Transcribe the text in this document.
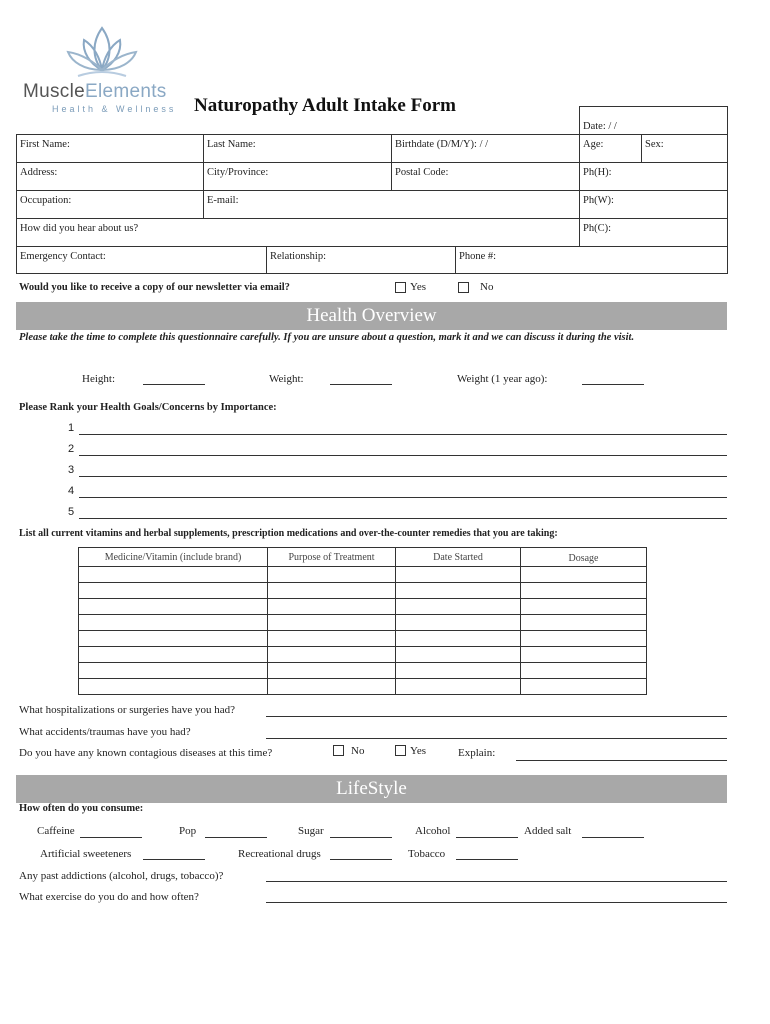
MuscleElements
Health & Wellness Naturopathy Adult Intake Form
Date: / /
First Name:	Last Name:	Birthdate (D/M/Y): / /	Age:	Sex:
Address:	City/Province:	Postal Code:	Ph(H):
Occupation:	E-mail:	Ph(W):
How did you hear about us?	Ph(C):
Emergency Contact:	Relationship:	Phone #:
Would you like to receive a copy of our newsletter via email?	Yes	No
Health Overview
Please take the time to complete this questionnaire carefully. If you are unsure about a question, mark it and we can discuss it during the visit.
Height:	Weight:	Weight (1 year ago):
Please Rank your Health Goals/Concerns by Importance:
1
2
3
4
5
List all current vitamins and herbal supplements, prescription medications and over-the-counter remedies that you are taking:
Medicine/Vitamin (include brand)	Purpose of Treatment	Date Started	Dosage

What hospitalizations or surgeries have you had?
What accidents/traumas have you had?
Do you have any known contagious diseases at this time?	No	Yes	Explain:
LifeStyle
How often do you consume:
Caffeine	Pop	Sugar	Alcohol	Added salt
Artificial sweeteners	Recreational drugs	Tobacco
Any past addictions (alcohol, drugs, tobacco)?
What exercise do you do and how often?
